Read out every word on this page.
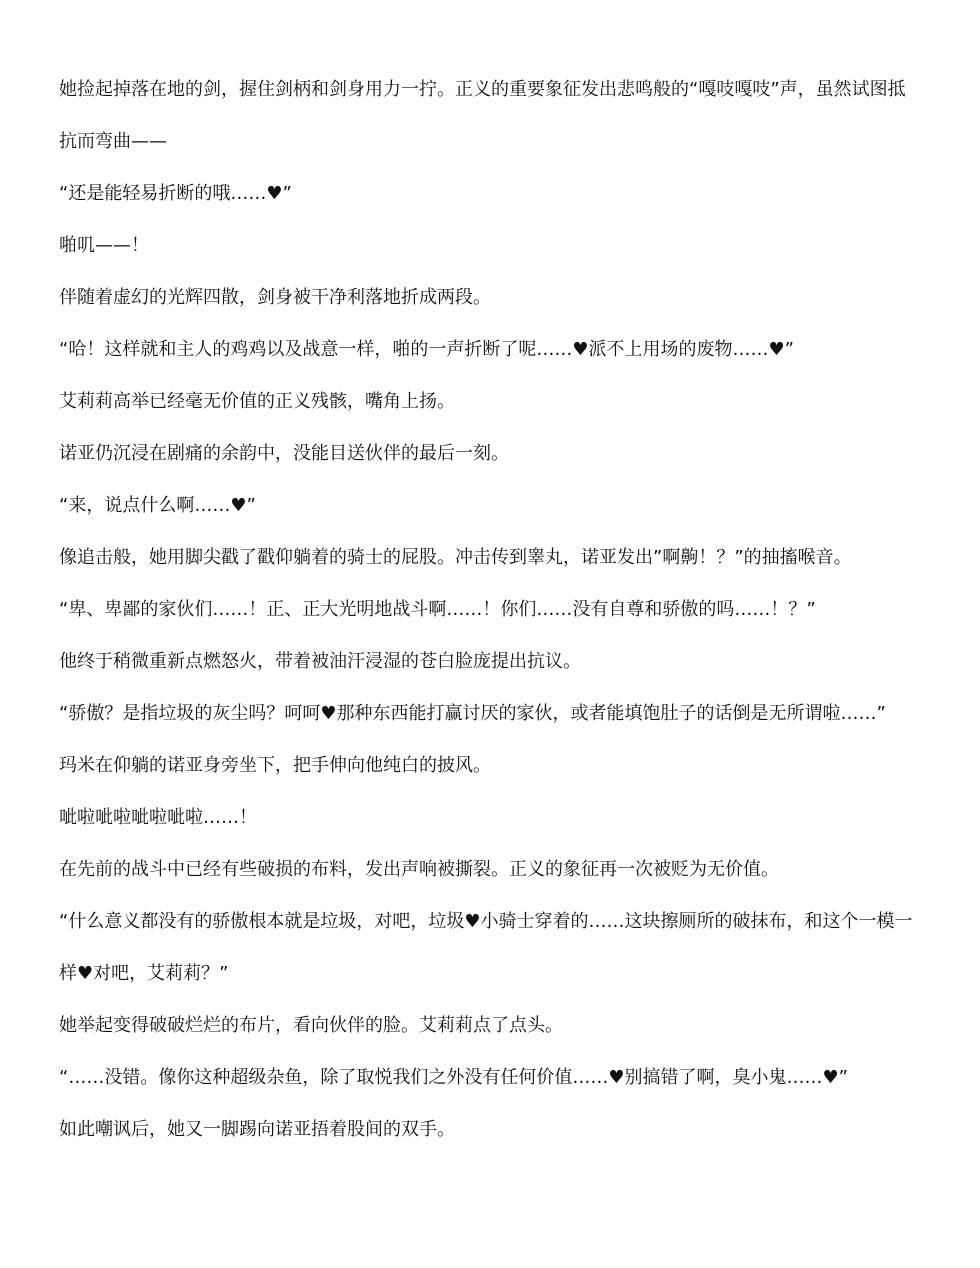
她捡起掉落在地的剑，握住剑柄和剑身用力一拧。正义的重要象征发出悲鸣般的“嘎吱嘎吱”声，虽然试图抵抗而弯曲——

“还是能轻易折断的哦……♥”

啪叽——！

伴随着虚幻的光辉四散，剑身被干净利落地折成两段。

“哈！这样就和主人的鸡鸡以及战意一样，啪的一声折断了呢……♥派不上用场的废物……♥”

艾莉莉高举已经毫无价值的正义残骸，嘴角上扬。

诺亚仍沉浸在剧痛的余韵中，没能目送伙伴的最后一刻。

“来，说点什么啊……♥”

像追击般，她用脚尖戳了戳仰躺着的骑士的屁股。冲击传到睾丸，诺亚发出”啊齁！？”的抽搐喉音。

“卑、卑鄙的家伙们……！正、正大光明地战斗啊……！你们……没有自尊和骄傲的吗……！？”

他终于稍微重新点燃怒火，带着被油汗浸湿的苍白脸庞提出抗议。

“骄傲？是指垃圾的灰尘吗？呵呵♥那种东西能打赢讨厌的家伙，或者能填饱肚子的话倒是无所谓啦……”

玛米在仰躺的诺亚身旁坐下，把手伸向他纯白的披风。

呲啦呲啦呲啦呲啦……！

在先前的战斗中已经有些破损的布料，发出声响被撕裂。正义的象征再一次被贬为无价值。

“什么意义都没有的骄傲根本就是垃圾，对吧，垃圾♥小骑士穿着的……这块擦厕所的破抹布，和这个一模一样♥对吧，艾莉莉？”

她举起变得破破烂烂的布片，看向伙伴的脸。艾莉莉点了点头。

“……没错。像你这种超级杂鱼，除了取悦我们之外没有任何价值……♥别搞错了啊，臭小鬼……♥”

如此嘲讽后，她又一脚踢向诺亚捂着股间的双手。
